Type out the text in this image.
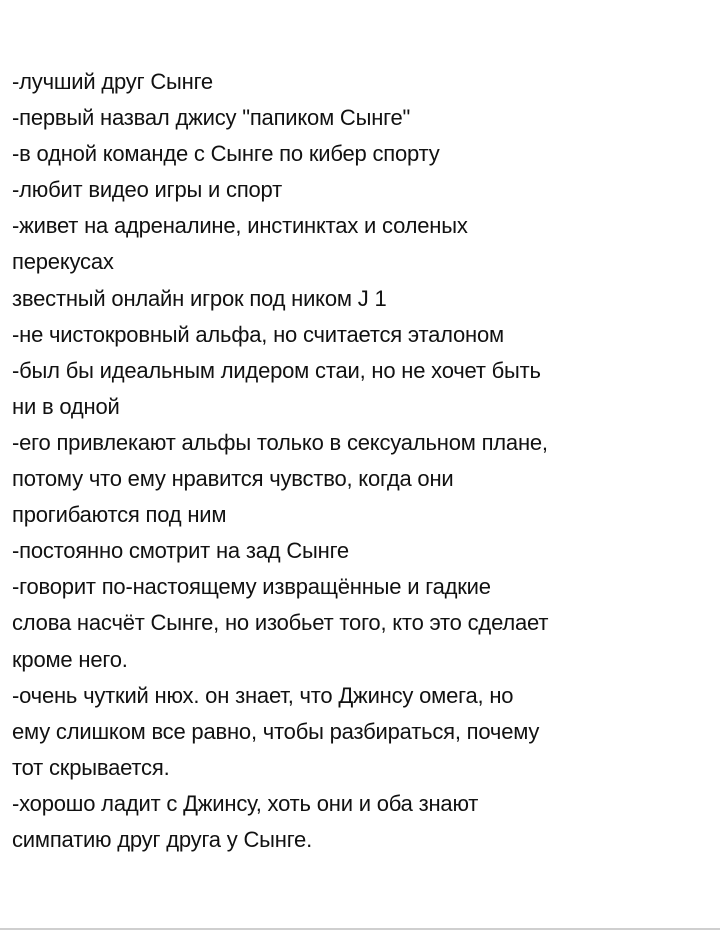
-лучший друг Сынге
-первый назвал джису "папиком Сынге"
-в одной команде с Сынге по кибер спорту
-любит видео игры и спорт
-живет на адреналине, инстинктах и соленых
перекусах
звестный онлайн игрок под ником J 1
-не чистокровный альфа, но считается эталоном
-был бы идеальным лидером стаи, но не хочет быть
ни в одной
-его привлекают альфы только в сексуальном плане,
потому что ему нравится чувство, когда они
прогибаются под ним
-постоянно смотрит на зад Сынге
-говорит по-настоящему извращённые и гадкие
слова насчёт Сынге, но изобьет того, кто это сделает
кроме него.
-очень чуткий нюх. он знает, что Джинсу омега, но
ему слишком все равно, чтобы разбираться, почему
тот скрывается.
-хорошо ладит с Джинсу, хоть они и оба знают
симпатию друг друга у Сынге.
